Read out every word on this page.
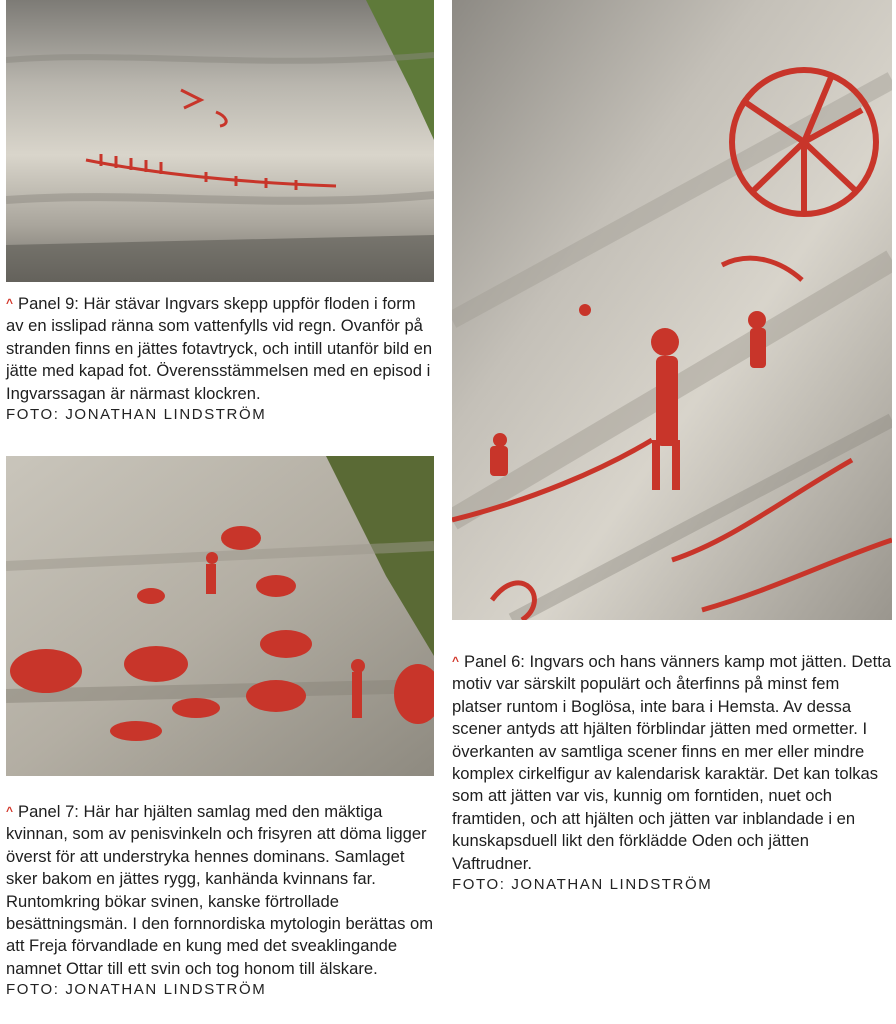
^ Panel 9: Här stävar Ingvars skepp uppför floden i form av en isslipad ränna som vattenfylls vid regn. Ovanför på stranden finns en jättes fotavtryck, och intill utanför bild en jätte med kapad fot. Överensstämmelsen med en episod i Ingvarssagan är närmast klockren.
FOTO: JONATHAN LINDSTRÖM
^ Panel 7: Här har hjälten samlag med den mäktiga kvinnan, som av penisvinkeln och frisyren att döma ligger överst för att understryka hennes dominans. Samlaget sker bakom en jättes rygg, kanhända kvinnans far. Runtomkring bökar svinen, kanske förtrollade besättningsmän. I den fornnordiska mytologin berättas om att Freja förvandlade en kung med det sveaklingande namnet Ottar till ett svin och tog honom till älskare.
FOTO: JONATHAN LINDSTRÖM
^ Panel 6: Ingvars och hans vänners kamp mot jätten. Detta motiv var särskilt populärt och återfinns på minst fem platser runtom i Boglösa, inte bara i Hemsta. Av dessa scener antyds att hjälten förblindar jätten med ormetter. I överkanten av samtliga scener finns en mer eller mindre komplex cirkelfigur av kalendarisk karaktär. Det kan tolkas som att jätten var vis, kunnig om forntiden, nuet och framtiden, och att hjälten och jätten var inblandade i en kunskapsduell likt den förklädde Oden och jätten Vaftrudner.
FOTO: JONATHAN LINDSTRÖM
